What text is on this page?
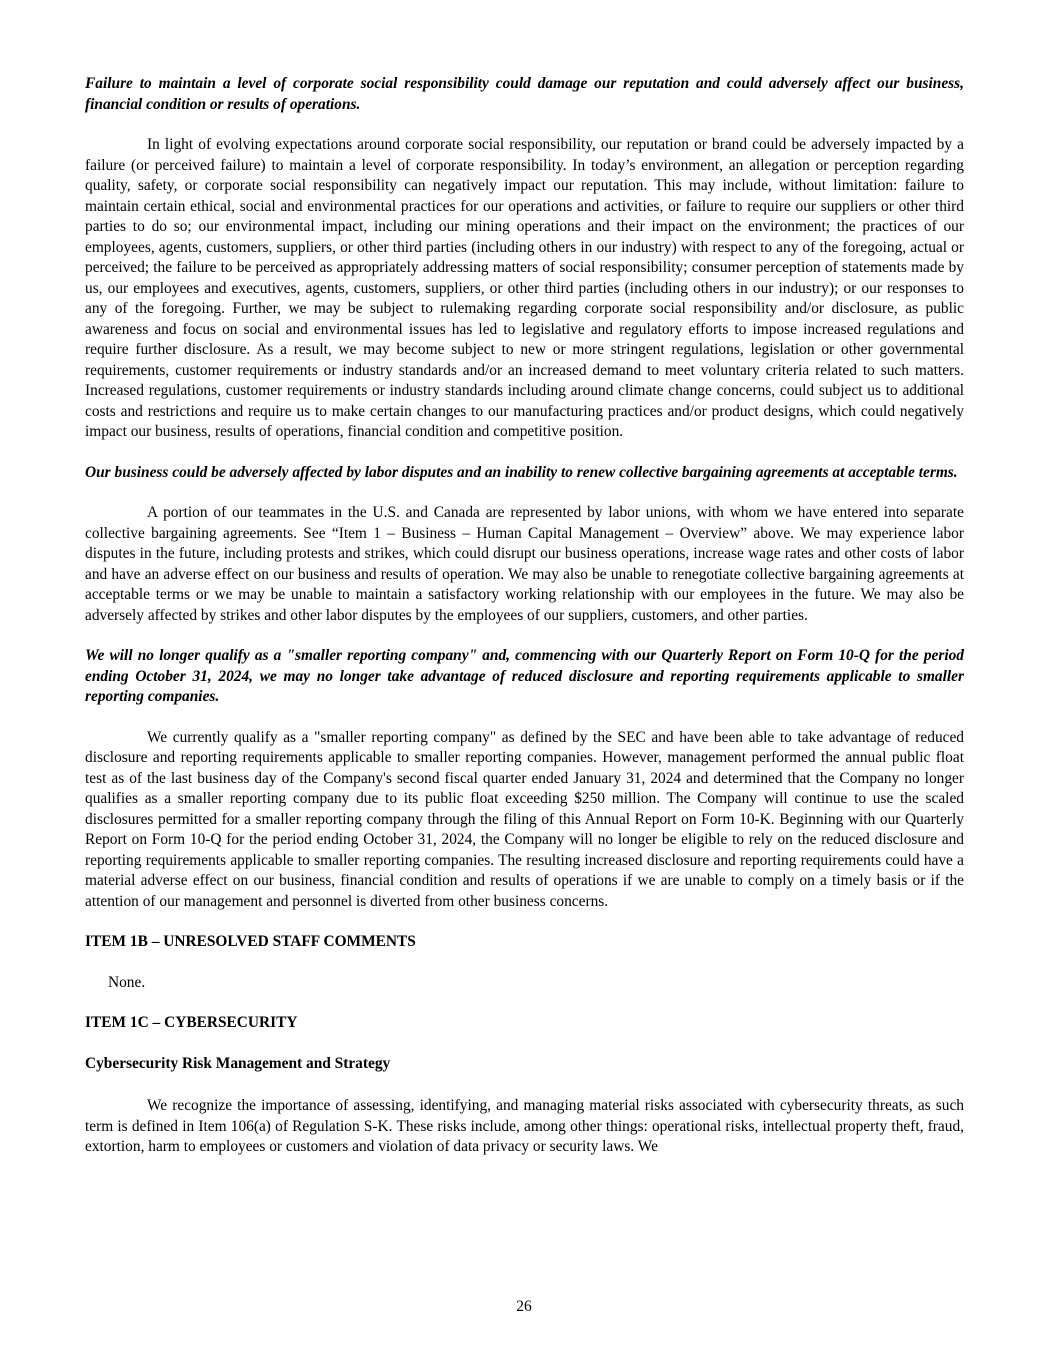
Failure to maintain a level of corporate social responsibility could damage our reputation and could adversely affect our business, financial condition or results of operations.

In light of evolving expectations around corporate social responsibility, our reputation or brand could be adversely impacted by a failure (or perceived failure) to maintain a level of corporate responsibility. In today’s environment, an allegation or perception regarding quality, safety, or corporate social responsibility can negatively impact our reputation. This may include, without limitation: failure to maintain certain ethical, social and environmental practices for our operations and activities, or failure to require our suppliers or other third parties to do so; our environmental impact, including our mining operations and their impact on the environment; the practices of our employees, agents, customers, suppliers, or other third parties (including others in our industry) with respect to any of the foregoing, actual or perceived; the failure to be perceived as appropriately addressing matters of social responsibility; consumer perception of statements made by us, our employees and executives, agents, customers, suppliers, or other third parties (including others in our industry); or our responses to any of the foregoing. Further, we may be subject to rulemaking regarding corporate social responsibility and/or disclosure, as public awareness and focus on social and environmental issues has led to legislative and regulatory efforts to impose increased regulations and require further disclosure. As a result, we may become subject to new or more stringent regulations, legislation or other governmental requirements, customer requirements or industry standards and/or an increased demand to meet voluntary criteria related to such matters. Increased regulations, customer requirements or industry standards including around climate change concerns, could subject us to additional costs and restrictions and require us to make certain changes to our manufacturing practices and/or product designs, which could negatively impact our business, results of operations, financial condition and competitive position.

Our business could be adversely affected by labor disputes and an inability to renew collective bargaining agreements at acceptable terms.

A portion of our teammates in the U.S. and Canada are represented by labor unions, with whom we have entered into separate collective bargaining agreements. See “Item 1 – Business – Human Capital Management – Overview” above. We may experience labor disputes in the future, including protests and strikes, which could disrupt our business operations, increase wage rates and other costs of labor and have an adverse effect on our business and results of operation. We may also be unable to renegotiate collective bargaining agreements at acceptable terms or we may be unable to maintain a satisfactory working relationship with our employees in the future. We may also be adversely affected by strikes and other labor disputes by the employees of our suppliers, customers, and other parties.

We will no longer qualify as a "smaller reporting company" and, commencing with our Quarterly Report on Form 10-Q for the period ending October 31, 2024, we may no longer take advantage of reduced disclosure and reporting requirements applicable to smaller reporting companies.

We currently qualify as a "smaller reporting company" as defined by the SEC and have been able to take advantage of reduced disclosure and reporting requirements applicable to smaller reporting companies. However, management performed the annual public float test as of the last business day of the Company's second fiscal quarter ended January 31, 2024 and determined that the Company no longer qualifies as a smaller reporting company due to its public float exceeding $250 million. The Company will continue to use the scaled disclosures permitted for a smaller reporting company through the filing of this Annual Report on Form 10-K. Beginning with our Quarterly Report on Form 10-Q for the period ending October 31, 2024, the Company will no longer be eligible to rely on the reduced disclosure and reporting requirements applicable to smaller reporting companies. The resulting increased disclosure and reporting requirements could have a material adverse effect on our business, financial condition and results of operations if we are unable to comply on a timely basis or if the attention of our management and personnel is diverted from other business concerns.

ITEM 1B – UNRESOLVED STAFF COMMENTS

None.

ITEM 1C – CYBERSECURITY

Cybersecurity Risk Management and Strategy

We recognize the importance of assessing, identifying, and managing material risks associated with cybersecurity threats, as such term is defined in Item 106(a) of Regulation S-K. These risks include, among other things: operational risks, intellectual property theft, fraud, extortion, harm to employees or customers and violation of data privacy or security laws. We

26
